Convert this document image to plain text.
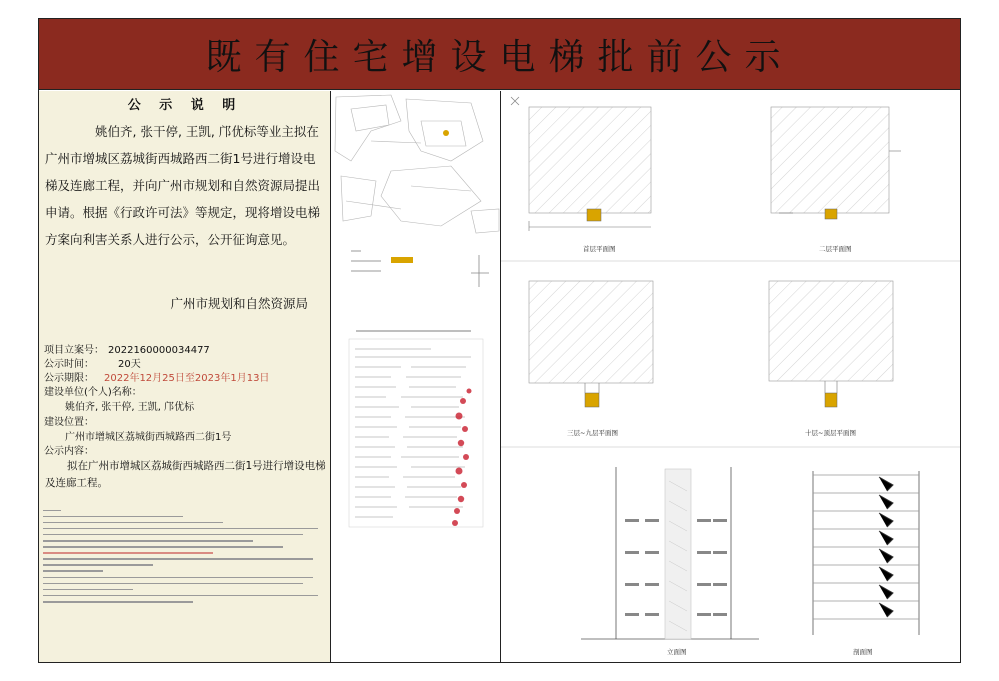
既有住宅增设电梯批前公示
公 示 说 明
姚伯齐, 张干停, 王凯, 邝优标等业主拟在广州市增城区荔城街西城路西二街1号进行增设电梯及连廊工程，并向广州市规划和自然资源局提出申请。根据《行政许可法》等规定，现将增设电梯方案向利害关系人进行公示，公开征询意见。
广州市规划和自然资源局
项目立案号： 2022160000034477
公示时间： 20天
公示期限： 2022年12月25日至2023年1月13日
建设单位(个人)名称：
姚伯齐, 张干停, 王凯, 邝优标
建设位置：
广州市增城区荔城街西城路西二街1号
公示内容：
拟在广州市增城区荔城街西城路西二街1号进行增设电梯及连廊工程。
首层平面图	二层平面图
三层~九层平面图	十层~顶层平面图
立面图	剖面图
